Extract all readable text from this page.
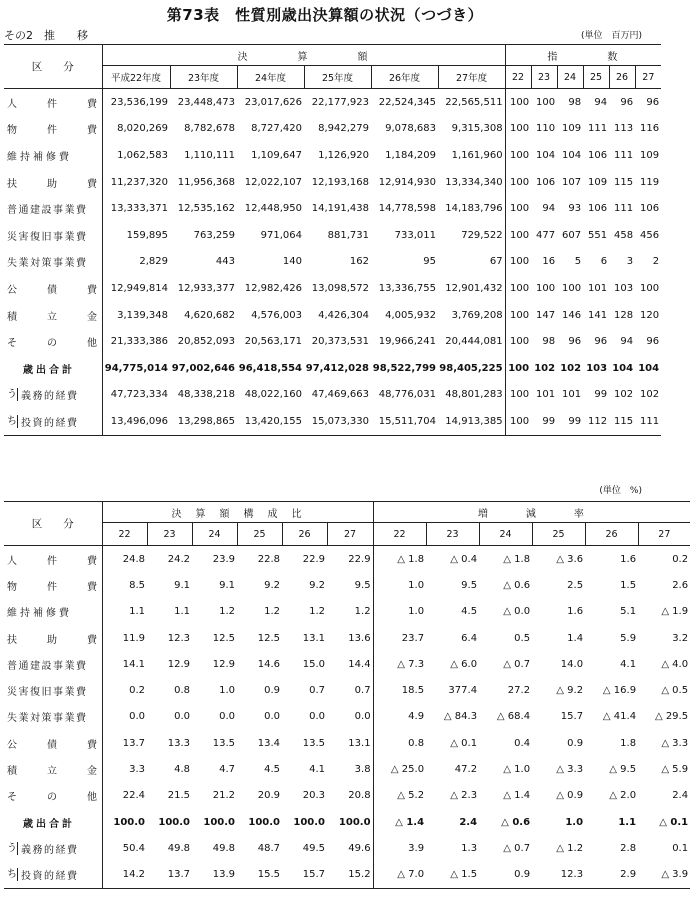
第73表　性質別歳出決算額の状況（つづき）
その2　推　　移	(単位　百万円)
(単位　%)
区　　分	決　　　　算　　　　額						指　　　　数					
	平成22年度	23年度	24年度	25年度	26年度	27年度	22	23	24	25	26	27

人 件 費	23,536,199	23,448,473	23,017,626	22,177,923	22,524,345	22,565,511	100	100	98	94	96	96

物 件 費	8,020,269	8,782,678	8,727,420	8,942,279	9,078,683	9,315,308	100	110	109	111	113	116
維持補修費	1,062,583	1,110,111	1,109,647	1,126,920	1,184,209	1,161,960	100	104	104	106	111	109

扶 助 費	11,237,320	11,956,368	12,022,107	12,193,168	12,914,930	13,334,340	100	106	107	109	115	119
普通建設事業費	13,333,371	12,535,162	12,448,950	14,191,438	14,778,598	14,183,796	100	94	93	106	111	106
災害復旧事業費	159,895	763,259	971,064	881,731	733,011	729,522	100	477	607	551	458	456
失業対策事業費	2,829	443	140	162	95	67	100	16	5	6	3	2

公 債 費	12,949,814	12,933,377	12,982,426	13,098,572	13,336,755	12,901,432	100	100	100	101	103	100

積 立 金	3,139,348	4,620,682	4,576,003	4,426,304	4,005,932	3,769,208	100	147	146	141	128	120

そ の 他	21,333,386	20,852,093	20,563,171	20,373,531	19,966,241	20,444,081	100	98	96	96	94	96
歳出合計	94,775,014	97,002,646	96,418,554	97,412,028	98,522,799	98,405,225	100	102	102	103	104	104

う 義務的経費	47,723,334	48,338,218	48,022,160	47,469,663	48,776,031	48,801,283	100	101	101	99	102	102

ち 投資的経費	13,496,096	13,298,865	13,420,155	15,073,330	15,511,704	14,913,385	100	99	99	112	115	111
区　　分	決　算　額　構　成　比						増　　　減　　　率					
	22	23	24	25	26	27	22	23	24	25	26	27

人 件 費	24.8	24.2	23.9	22.8	22.9	22.9	△ 1.8	△ 0.4	△ 1.8	△ 3.6	1.6	0.2

物 件 費	8.5	9.1	9.1	9.2	9.2	9.5	1.0	9.5	△ 0.6	2.5	1.5	2.6
維持補修費	1.1	1.1	1.2	1.2	1.2	1.2	1.0	4.5	△ 0.0	1.6	5.1	△ 1.9

扶 助 費	11.9	12.3	12.5	12.5	13.1	13.6	23.7	6.4	0.5	1.4	5.9	3.2
普通建設事業費	14.1	12.9	12.9	14.6	15.0	14.4	△ 7.3	△ 6.0	△ 0.7	14.0	4.1	△ 4.0
災害復旧事業費	0.2	0.8	1.0	0.9	0.7	0.7	18.5	377.4	27.2	△ 9.2	△ 16.9	△ 0.5
失業対策事業費	0.0	0.0	0.0	0.0	0.0	0.0	4.9	△ 84.3	△ 68.4	15.7	△ 41.4	△ 29.5

公 債 費	13.7	13.3	13.5	13.4	13.5	13.1	0.8	△ 0.1	0.4	0.9	1.8	△ 3.3

積 立 金	3.3	4.8	4.7	4.5	4.1	3.8	△ 25.0	47.2	△ 1.0	△ 3.3	△ 9.5	△ 5.9

そ の 他	22.4	21.5	21.2	20.9	20.3	20.8	△ 5.2	△ 2.3	△ 1.4	△ 0.9	△ 2.0	2.4
歳出合計	100.0	100.0	100.0	100.0	100.0	100.0	△ 1.4	2.4	△ 0.6	1.0	1.1	△ 0.1

う 義務的経費	50.4	49.8	49.8	48.7	49.5	49.6	3.9	1.3	△ 0.7	△ 1.2	2.8	0.1

ち 投資的経費	14.2	13.7	13.9	15.5	15.7	15.2	△ 7.0	△ 1.5	0.9	12.3	2.9	△ 3.9
